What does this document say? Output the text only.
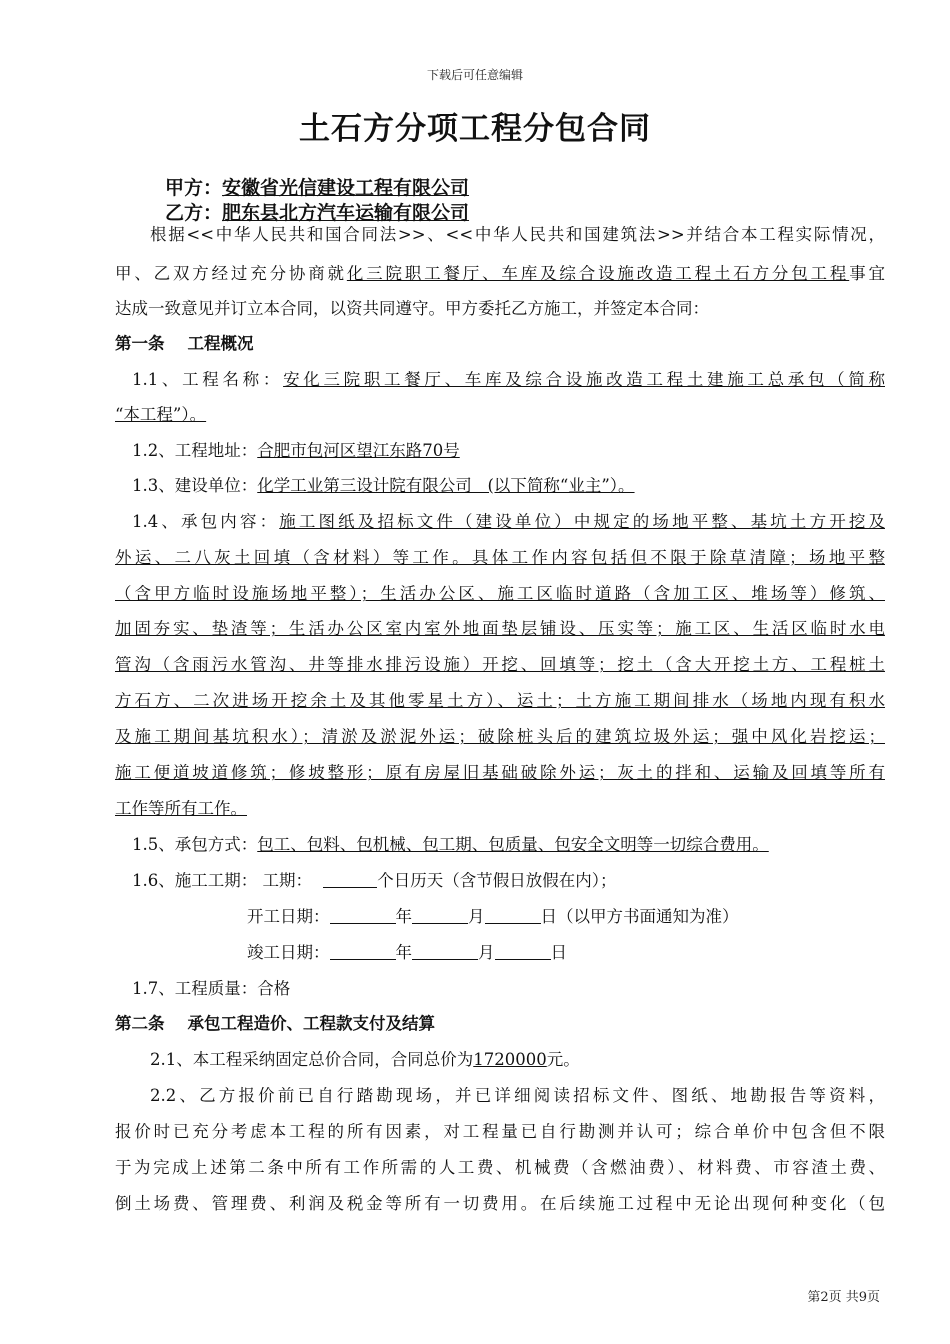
下载后可任意编辑
土石方分项工程分包合同
甲方：安徽省光信建设工程有限公司
乙方：肥东县北方汽车运输有限公司
根据<<中华人民共和国合同法>>、<<中华人民共和国建筑法>>并结合本工程实际情况，
甲、乙双方经过充分协商就化三院职工餐厅、车库及综合设施改造工程土石方分包工程事宜
达成一致意见并订立本合同，以资共同遵守。甲方委托乙方施工，并签定本合同：
第一条    工程概况
1.1、工程名称：安化三院职工餐厅、车库及综合设施改造工程土建施工总承包（简称
“本工程”）。
1.2、工程地址：合肥市包河区望江东路70号
1.3、建设单位：化学工业第三设计院有限公司   (以下简称“业主”）。
1.4、承包内容：施工图纸及招标文件（建设单位）中规定的场地平整、基坑土方开挖及
外运、二八灰土回填（含材料）等工作。具体工作内容包括但不限于除草清障；场地平整
（含甲方临时设施场地平整）；生活办公区、施工区临时道路（含加工区、堆场等）修筑、
加固夯实、垫渣等；生活办公区室内室外地面垫层铺设、压实等；施工区、生活区临时水电
管沟（含雨污水管沟、井等排水排污设施）开挖、回填等；挖土（含大开挖土方、工程桩土
方石方、二次进场开挖余土及其他零星土方）、运土；土方施工期间排水（场地内现有积水
及施工期间基坑积水）；清淤及淤泥外运；破除桩头后的建筑垃圾外运；强中风化岩挖运；
施工便道坡道修筑；修坡整形；原有房屋旧基础破除外运；灰土的拌和、运输及回填等所有
工作等所有工作。
1.5、承包方式：包工、包料、包机械、包工期、包质量、包安全文明等一切综合费用。
1.6、施工工期： 工期：	个日历天（含节假日放假在内）；
开工日期：	年	月	日（以甲方书面通知为准）
竣工日期：	年	月	日
1.7、工程质量：合格
第二条    承包工程造价、工程款支付及结算
2.1、本工程采纳固定总价合同，合同总价为1720000元。
2.2、乙方报价前已自行踏勘现场，并已详细阅读招标文件、图纸、地勘报告等资料，
报价时已充分考虑本工程的所有因素，对工程量已自行勘测并认可；综合单价中包含但不限
于为完成上述第二条中所有工作所需的人工费、机械费（含燃油费）、材料费、市容渣土费、
倒土场费、管理费、利润及税金等所有一切费用。在后续施工过程中无论出现何种变化（包
第2页 共9页
